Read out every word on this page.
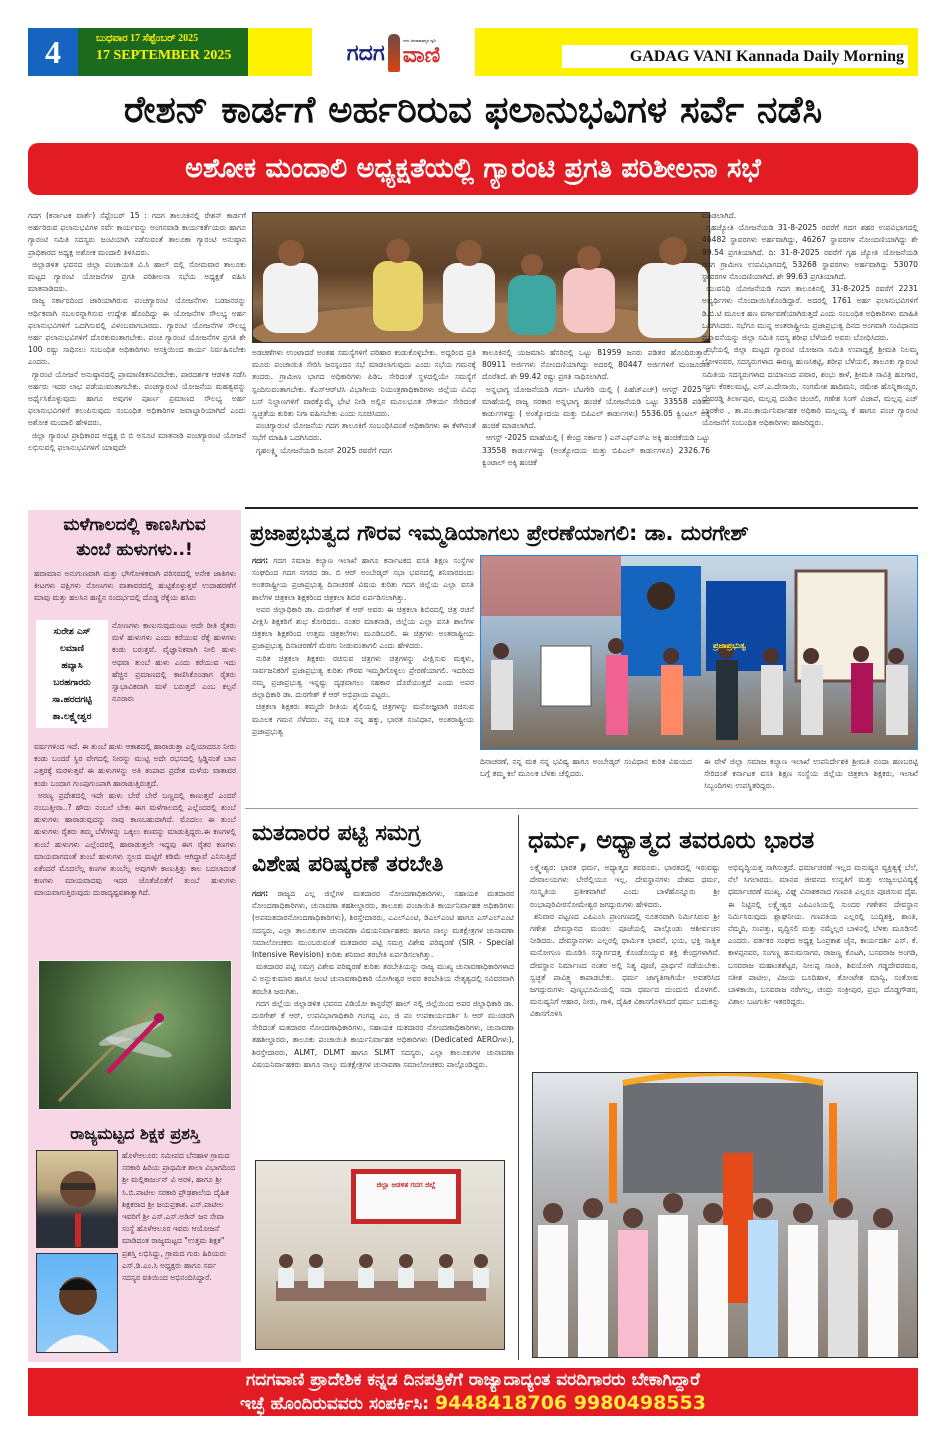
4	ಬುಧವಾರ 17 ಸೆಪ್ಟೆಂಬರ್ 2025
17 SEPTEMBER 2025	ಗದಗ	ಇದು ಜನಸಾಮಾನ್ಯರ ಧ್ವನಿ
ವಾಣಿ	GADAG VANI Kannada Daily Morning
ರೇಶನ್ ಕಾರ್ಡಗೆ ಅರ್ಹರಿರುವ ಫಲಾನುಭವಿಗಳ ಸರ್ವೆ ನಡೆಸಿ
ಅಶೋಕ ಮಂದಾಲಿ ಅಧ್ಯಕ್ಷತೆಯಲ್ಲಿ ಗ್ಯಾರಂಟಿ ಪ್ರಗತಿ ಪರಿಶೀಲನಾ ಸಭೆ

ಗದಗ (ಕರ್ನಾಟಕ ವಾರ್ತೆ) ಸೆಪ್ಟೆಂಬರ್ 15 : ಗದಗ ತಾಲೂಕಿನಲ್ಲಿ ರೇಶನ್ ಕಾರ್ಡಗೆ ಅರ್ಹರಿರುವ ಫಲಾನುಭವಿಗಳ ಸರ್ವೆ ಕಾರ್ಯವನ್ನು ಅಂಗನವಾಡಿ ಕಾರ್ಯಕರ್ತೆಯರು ಹಾಗೂ ಗ್ಯಾರಂಟಿ ಸಮಿತಿ ಸದಸ್ಯರು ಜಂಟಿಯಾಗಿ ನಡೆಸುವಂತೆ ತಾಲೂಕಾ ಗ್ಯಾರಂಟಿ ಅನುಷ್ಠಾನ ಪ್ರಾಧಿಕಾರದ ಅಧ್ಯಕ್ಷ ಅಶೋಕ ಮಂದಾಲಿ ತಿಳಿಸಿದರು.

ಜಿಲ್ಲಾಡಳಿತ ಭವನದ ಜಿಲ್ಲಾ ಪಂಚಾಯತ ವಿ.ಸಿ ಹಾಲ್ ದಲ್ಲಿ ಸೋಮವಾರ ತಾಲೂಕು ಮಟ್ಟದ ಗ್ಯಾರಂಟಿ ಯೋಜನೆಗಳ ಪ್ರಗತಿ ಪರಿಶೀಲನಾ ಸಭೆಯ ಅಧ್ಯಕ್ಷತೆ ವಹಿಸಿ ಮಾತನಾಡಿದರು.

ರಾಜ್ಯ ಸರ್ಕಾರದಿಂದ ಜಾರಿಯಾಗಿರುವ ಪಂಚಗ್ಯಾರಂಟಿ ಯೋಜನೆಗಳು ಬಡಜನರನ್ನು ಆರ್ಥಿಕವಾಗಿ ಸಬಲರನ್ನಾಗಿಸುವ ಉದ್ದೇಶ ಹೊಂದಿದ್ದು ಈ ಯೋಜನೆಗಳ ಸೌಲಭ್ಯ ಅರ್ಹ ಫಲಾನುಭವಿಗಳಿಗೆ ಒದಗಿಸುವಲ್ಲಿ ವಿಳಂಬವಾಗಬಾರದು. ಗ್ಯಾರಂಟಿ ಯೋಜನೆಗಳ ಸೌಲಭ್ಯ ಅರ್ಹ ಫಲಾನುಭವಿಗಳಿಗೆ ದೊರಕುವಂತಾಗಬೇಕು. ಪಂಚ ಗ್ಯಾರಂಟಿ ಯೋಜನೆಗಳ ಪ್ರಗತಿ ಶೇ 100 ರಷ್ಟು ಸಾಧಿಸಲು ಸಂಬಂಧಿತ ಅಧಿಕಾರಿಗಳು ಆಸಕ್ತಿಯಿಂದ ಕಾರ್ಯ ನಿರ್ವಹಿಸಬೇಕು ಎಂದರು.

ಗ್ಯಾರಂಟಿ ಯೋಜನೆ ಅನುಷ್ಠಾನದಲ್ಲಿ ಪ್ರಾಮಾಣಿಕತನವಿರಬೇಕು. ಪಾರದರ್ಶಕ ಆಡಳಿತ ನಡೆಸಿ ಅರ್ಹರು ಇದರ ಲಾಭ ಪಡೆಯುವಂತಾಗಬೇಕು. ಪಂಚಗ್ಯಾರಂಟಿ ಯೋಜನೆಯ ಮಹತ್ವವನ್ನು ಅರ್ಥೈಸಿಕೊಳ್ಳುವುದು ಹಾಗೂ ಅವುಗಳ ಪೂರ್ಣ ಪ್ರಮಾಣದ ಸೌಲಭ್ಯ ಅರ್ಹ ಫಲಾನುಭವಿಗಳಿಗೆ ತಲುಪಿಸುವುದು ಸಂಬಂಧಿತ ಅಧಿಕಾರಿಗಳ ಜವಾಬ್ದಾರಿಯಾಗಿದೆ ಎಂದು ಅಶೋಕ ಮಂದಾಲಿ ಹೇಳಿದರು.

ಜಿಲ್ಲಾ ಗ್ಯಾರಂಟಿ ಪ್ರಾಧಿಕಾರದ ಅಧ್ಯಕ್ಷ ಬಿ ಬಿ ಅಸೂಟಿ ಮಾತನಾಡಿ ಪಂಚಗ್ಯಾರಂಟಿ ಯೋಜನೆ ಲಭಿಸುವಲ್ಲಿ ಫಲಾನುಭವಿಗಳಿಗೆ ಯಾವುದೇ

ಅಡಚಣೆಗಳು ಉಂಟಾದರೆ ಅಂತಹ ಸಮಸ್ಯೆಗಳಿಗೆ ಪರಿಹಾರ ಕಂಡುಕೊಳ್ಳಬೇಕು. ಅದ್ದರಿಂದ ಪ್ರತಿ ಮೂರು ಪಂಚಾಯಿತಿ ಸೇರಿಸಿ ಜನಸ್ಪಂದನ ಸಭೆ ಮಾಡಲಾಗುವುದು ಎಂದು ಸಭೆಯ ಗಮನಕ್ಕೆ ತಂದರು. ಗ್ರಾಮೀಣ ಭಾಗದ ಅಧಿಕಾರಿಗಳು ಪಿಡಿಒ ಸೇರಿದಂತೆ ಸ್ಥಳದಲ್ಲಿಯೇ ಸಮಸ್ಯೆಗೆ ಸ್ಪಂದಿಸುವಂತಾಗಬೇಕು. ಕೆಎಸ್ಆರ್‌ಟಿಸಿ ವಿಭಾಗೀಯ ನಿಯಂತ್ರಣಾಧಿಕಾರಿಗಳು ಜಿಲ್ಲೆಯ ವಿವಿಧ ಬಸ್ ನಿಲ್ದಾಣಗಳಿಗೆ ವಾರಕ್ಕೊಮ್ಮೆ ಭೇಟಿ ನೀಡಿ ಅಲ್ಲಿನ ಮೂಲಭೂತ ಸೌಕರ್ಯ ಸೇರಿದಂತೆ ಸ್ವಚ್ಛತೆಯ ಕುರಿತು ನಿಗಾ ವಹಿಸಬೇಕು ಎಂದು ಸೂಚಿಸಿದರು.

ಪಂಚಗ್ಯಾರಂಟಿ ಯೋಜನೆಯ ಗದಗ ತಾಲೂಕಿಗೆ ಸಂಬಂಧಿಸಿದಂತೆ ಅಧಿಕಾರಿಗಳು ಈ ಕೆಳಗಿನಂತೆ ಸಭೆಗೆ ಮಾಹಿತಿ ಒದಗಿಸಿದರು.

ಗೃಹಲಕ್ಷ್ಮಿ ಯೋಜನೆಯಡಿ ಜೂನ್ 2025 ರವರೆಗೆ ಗದಗ

ತಾಲೂಕಿನಲ್ಲಿ ಯಜಮಾನಿ ಹೆಸರಿನಲ್ಲಿ ಒಟ್ಟು 81959 ಜನರು ಪಡಿತರ ಹೊಂದಿರುತ್ತಾರೆ. 80911 ಅರ್ಜಿಗಳು ನೋಂದಣಿಯಾಗಿದ್ದು ಅದರಲ್ಲಿ 80447 ಅರ್ಜಿಗಳಿಗೆ ಮಂಜೂರಾತಿ ದೊರೆತಿದೆ. ಶೇ 99.42 ರಷ್ಟು ಪ್ರಗತಿ ಸಾಧಿಸಲಾಗಿದೆ.

ಅನ್ನಭಾಗ್ಯ ಯೋಜನೆಯಡಿ ಗದಗ- ಬೆಟಗೇರಿ ಯಲ್ಲಿ ( ಪಿಹೆಚ್ಎಚ್) ಆಗಸ್ಟ್ 2025 ರ ಮಾಹೆಯಲ್ಲಿ ರಾಜ್ಯ ಸರಕಾರ ಅನ್ನಭಾಗ್ಯ ಹಂಚಿಕೆ ಯೋಜನೆಯಡಿ ಒಟ್ಟು 33558 ಪಡಿತರ ಕಾರ್ಡುಗಳಿದ್ದು ( ಅಂತ್ಯೋದಯ ಮತ್ತು ಬಿಪಿಎಲ್ ಕಾರ್ಡುಗಳು) 5536.05 ಕ್ವಿಂಟಲ್ ಅಕ್ಕಿ ಹಂಚಿಕೆ ಮಾಡಲಾಗಿದೆ.

ಆಗಸ್ಟ್ -2025 ಮಾಹೆಯಲ್ಲಿ ( ಕೇಂದ್ರ ಸರ್ಕಾರ ) ಎನ್‌ಎಫ್‌ಎಸ್‌ಎ ಅಕ್ಕಿ ಹಂಚಿಕೆಯಡಿ ಒಟ್ಟು 33558 ಕಾರ್ಡುಗಳಿದ್ದು (ಅಂತ್ಯೋದಯ ಮತ್ತು ಬಿಪಿಎಲ್ ಕಾರ್ಡುಗಳೂ) 2326.76 ಕ್ವಿಂಟಾಲ್ ಅಕ್ಕಿ ಹಂಚಿಕೆ

ಮಾಡಲಾಗಿದೆ.

ಗೃಹಜ್ಯೋತಿ ಯೋಜನೆಯಡಿ 31-8-2025 ರವರೆಗೆ ಗದಗ ಶಹರ ಉಪವಿಭಾಗದಲ್ಲಿ 46482 ಸ್ಥಾವರಗಳು ಅರ್ಹವಾಗಿದ್ದು, 46267 ಸ್ಥಾವರಗಳ ನೋಂದಣಿಯಾಗಿದ್ದು ಶೇ 99.54 ಪ್ರಗತಿಯಾಗಿದೆ. ದಿ: 31-8-2025 ರವರೆಗೆ ಗೃಹ ಜ್ಯೋತಿ ಯೋಜನೆಯಡಿ ಗದಗ ಗ್ರಾಮೀಣ ಉಪವಿಭಾಗದಲ್ಲಿ 53268 ಸ್ಥಾವರಗಳು ಅರ್ಹವಾಗಿದ್ದು 53070 ಸ್ಥಾವರಗಳ ನೊಂದಣಿಯಾಗಿದೆ. ಶೇ 99.63 ಪ್ರಗತಿಯಾಗಿದೆ.

ಯುವನಿಧಿ ಯೋಜನೆಯಡಿ ಗದಗ ತಾಲೂಕಿನಲ್ಲಿ 31-8-2025 ರವರೆಗೆ 2231 ಅಭ್ಯರ್ಥಿಗಳು ನೊಂದಾಯಿಸಿಕೊಂಡಿದ್ದಾರೆ. ಅದರಲ್ಲಿ 1761 ಅರ್ಹ ಫಲಾನುಭವಿಗಳಿಗೆ ಡಿ.ಬಿ.ಟಿ ಮೂಲಕ ಹಣ ವರ್ಗಾವಣೆಯಾಗಿರುತ್ತದೆ ಎಂದು ಸಂಬಂಧಿತ ಅಧಿಕಾರಿಗಳು ಮಾಹಿತಿ ಒದಗಿಸಿದರು. ಸಭೆಗೂ ಮುನ್ನ ಅಂತರಾಷ್ಟ್ರೀಯ ಪ್ರಜಾಪ್ರಭುತ್ವ ದಿನದ ಅಂಗವಾಗಿ ಸಂವಿಧಾನದ ಪ್ರಸ್ತಾವನೆಯನ್ನು ಜಿಲ್ಲಾ ಸಮಿತಿ ಸದಸ್ಯ ಶರೀಫ ಬೆಳೆಯಲಿ ಅವರು ಬೋಧಿಸಿದರು.

ಸಭೆಯಲ್ಲಿ ಜಿಲ್ಲಾ ಮಟ್ಟದ ಗ್ಯಾರಂಟಿ ಯೋಜನಾ ಸಮಿತಿ ಉಪಾಧ್ಯಕ್ಷೆ ಶ್ರೀಮತಿ ನಿಲಮ್ಮ ಬೋಳನವರ, ಸದಸ್ಯರುಗಳಾದ ಈರಣ್ಣ ಹುಣಸಿಕಟ್ಟಿ, ಶರೀಫ ಬೆಳೆಯಲಿ, ತಾಲೂಕು ಗ್ಯಾರಂಟಿ ಸಮಿತಿಯ ಸದಸ್ಯರುಗಳಾದ ದಯಾನಂದ ಪವಾರ, ಶಂಭು ಕಾಳೆ, ಶ್ರೀಮತಿ ಸಾವಿತ್ರಿ ಹೂಗಾರ, ಸಂಗು ಕೆರಕಲಮಟ್ಟಿ, ಎಸ್.ಎ.ದೇಸಾಯಿ, ಸಂಗಮೇಶ ಹಾದಿಮನಿ, ರಮೇಶ ಹೊನ್ನಿಕಾಯ್ದರ, ದೇವರಡ್ಡಿ ತಿರ್ಲಾಪುರ, ಮಲ್ಲಪ್ಪ ದಂಡಿನ ಚಿಂಚಲಿ, ಗಣೇಶ ಸಿಂಗ್ ವಿಜಾಪೆ, ಮಲ್ಲಪ್ಪ ಎಚ್ ಬಾರಕೇರ , ತಾ.ಪಂ.ಕಾರ್ಯನಿರ್ವಾಹಕ ಅಧಿಕಾರಿ ಮಲ್ಲಯ್ಯ ಕೆ ಹಾಗೂ ಪಂಚ ಗ್ಯಾರಂಟಿ ಯೋಜನೆಗೆ ಸಂಬಂಧಿತ ಅಧಿಕಾರಿಗಳು ಹಾಜರಿದ್ದರು.

ಮಳೆಗಾಲದಲ್ಲಿ ಕಾಣಸಿಗುವ
ತುಂಬೆ ಹುಳುಗಳು..!
ಹವಾಮಾನ ಅನುಗುಣವಾಗಿ ಮತ್ತು ಭೌಗೋಳಿಕವಾಗಿ ಪರಿಸರದಲ್ಲಿ ಅನೇಕ ಜಾತಿಗಳು ಕೀಟಗಳು ಪಕ್ಷಿಗಳು ನೋಣಗಳು ವಾತಾವರದಲ್ಲಿ ಹುಟ್ಟಿಕೊಳ್ಳುತ್ತವೆ ಉದಾಹರಣೆಗೆ ಮಾವು ಮತ್ತು ಹಲಸಿನ ಹಣ್ಣಿನ ಸಂದರ್ಭದಲ್ಲಿ ದೊಡ್ಡ ರೆಕ್ಕೆಯ ಹಸಿರು
ಸುರೇಶ ಎಸ್
ಲಮಾಣಿ
ಹವ್ಯಾಸಿ
ಬರಹಗಾರರು
ಸಾ.ಹರದಗಟ್ಟಿ
ತಾ.ಲಕ್ಷ್ಮೇಶ್ವರ
ನೋಣಗಳು ಕಾಣುಸುವುದುಂಟು ಅದೇ ರೀತಿ ರೈತರು ಮಳೆ ಹುಳುಗಳು ಎಂದು ಕರೆಯುವ ರೆಕ್ಕೆ ಹುಳಗಳು ಕಂಡು ಬರುತ್ತವೆ. ವೈಜ್ಞಾನಿಕವಾಗಿ ನೀಲಿ ಹುಳು ಅಥವಾ ತುಂಬೆ ಹುಳು ಎಂದು ಕರೆಯುವ ಇದು ಹೆಚ್ಚಿನ ಪ್ರಮಾಣದಲ್ಲಿ ಕಾಣಿಸಿಕೊಂಡಾಗ ರೈತರು ಸ್ವಾಭಾವಿಕವಾಗಿ ಮಳೆ ಬರುತ್ತದೆ ಎಂಬ ಕಲ್ಪನೆ ನೂರಾರು

ವರ್ಷಗಳಿಂದ ಇದೆ. ಈ ತುಂಬೆ ಹುಳು ಆಕಾಶದಲ್ಲಿ ಹಾರಾಡುತ್ತಾ ಎಲ್ಲಿಯಾದರೂ ನೀರು ಕಂಡು ಬಂದರೆ ಸ್ಥಿರ ವೇಗದಲ್ಲಿ ನೀರನ್ನು ಮುಟ್ಟಿ ಅದೇ ರಭಸದಲ್ಲಿ ಸ್ಪಿಡ್ಡಿನಂತೆ ಬಾನ ಎತ್ತರಕ್ಕೆ ಮರಳುತ್ತವೆ ಈ ಹುಳುಗಳನ್ನು ಅತಿ ತಂಪಾದ ಪ್ರದೇಶ ಮಳೆಯ ವಾತಾವರ ಕಂಡು ಬಂದಾಗ ಗುಂಪುಗುಂಪಾಗಿ ಹಾರಾಡುತ್ತಿರುತ್ತದೆ.

ಅರಣ್ಯ ಪ್ರದೇಶದಲ್ಲಿ ಇದೇ ಹುಳು ಬೇರೆ ಬೇರೆ ಬಣ್ಣದಲ್ಲಿ ಕಾಣುತ್ತವೆ ಎಂದರೆ ನಂಬುತ್ತೀರಾ..? ಹೌದು ನಂಬಲೆ ಬೇಕು ಈಗ ಮಳೆಗಾಲದಲ್ಲಿ ಎಲ್ಲೆಂದರಲ್ಲಿ ತುಂಬೆ ಹುಳುಗಳು ಹಾರಾಡುವುದನ್ನು ನಾವು ಕಾಣಬಹುದಾಗಿದೆ. ಮೊದಲು ಈ ತುಂಬೆ ಹುಳುಗಳು ರೈತರು ತಮ್ಮ ಬೆಳೆಗಳನ್ನು ಒಕ್ಕಲು ಕಣವನ್ನು ಮಾಡುತ್ತಿದ್ದರು.ಈ ಕಣಗಳಲ್ಲಿ ತುಂಬೆ ಹುಳುಗಳು ಎಲ್ಲೆಂದರಲ್ಲಿ ಹಾರಾಡುತ್ತಲೇ ಇದ್ದವು ಈಗ ರೈತರ ಕಣಗಳು ಮಾಯವಾಗದಂತೆ ತುಂಬೆ ಹುಳುಗಳು ಸ್ಥಲದ ಮಟ್ಟಿಗೆ ಕಡಿಮೆ ಆಗಿದ್ದಾವೆ ಎನಿಸುತ್ತಿದೆ ಏಕೆಂದರೆ ಮೊದಲೆಲ್ಲ ಕಣಗಳ ತುಂಬೆಲ್ಲ ಅವುಗಳೇ ಕಾಣುತ್ತಿತ್ತು ಕಾಲ ಬದಲಾದಂತೆ ಕಣಗಳು ಮಾಯವಾದವು ಇದರ ಜೊತೆಜೊತೆಗೆ ತುಂಬೆ ಹುಳುಗಳು ಮಾಯವಾಗುತ್ತಿರುವುದು ದುರಾದೃಷ್ಟವಶಾತ್ವಾಗಿದೆ.

ರಾಜ್ಯಮಟ್ಟದ ಶಿಕ್ಷಕ ಪ್ರಶಸ್ತಿ
ಹೊಳೆಆಲೂರ: ಸಮೀಪದ ಬೆನಹಾಳ ಗ್ರಾಮದ ಸರಕಾರಿ ಹಿರಿಯ ಪ್ರಾಥಮಿಕ ಶಾಲಾ ವಿಭಾಗದಿಂದ ಶ್ರೀ ಮಲ್ಲಿಕಾರ್ಜುನ್ ವಿ ಅರಳಿ, ಹಾಗೂ ಶ್ರೀ ಸಿ.ಬಿ.ಪಾಟೀಲ ಸರಕಾರಿ ಪ್ರೌಢಶಾಲೆಯ ದೈಹಿಕ ಶಿಕ್ಷಕರಾದ ಶ್ರೀ ಜಯಪ್ರಕಾಶ. ಎಸ್.ಪಾಟೀಲ ಇವರಿಗೆ ಶ್ರೀ ಎಸ್.ಎಸ್.ಅಡಿನ್ ಜನ ಸೇವಾ ಸಂಸ್ಥೆ ಹೊಳೆಆಲೂರ ಇವರು ಆಯೋಜನೆ ಮಾಡಿದಂತ ರಾಜ್ಯಮಟ್ಟದ "ಉತ್ತಮ ಶಿಕ್ಷಕ" ಪ್ರಶಸ್ತಿ ಲಭಿಸಿದ್ದು, ಗ್ರಾಮದ ಗುರು ಹಿರಿಯರು ಎಸ್.ಡಿ.ಎಂ.ಸಿ ಅಧ್ಯಕ್ಷರು ಹಾಗೂ ಸರ್ವ ಸದಸ್ಯರ ವತಿಯಿಂದ ಅಭಿನಂದಿಸಿದ್ದಾರೆ.
ಪ್ರಜಾಪ್ರಭುತ್ವದ ಗೌರವ ಇಮ್ಮಡಿಯಾಗಲು ಪ್ರೇರಣೆಯಾಗಲಿ: ಡಾ. ದುರಗೇಶ್

ಗದಗ: ಗದಗ ಸಮಾಜ ಕಲ್ಯಾಣ ಇಲಾಖೆ ಹಾಗೂ ಕರ್ನಾಟಕದ ವಸತಿ ಶಿಕ್ಷಣ ಸಂಸ್ಥೆಗಳ ಸಂಘದಿಂದ ಗದಗ ನಗರದ ಡಾ. ಬಿ ಆರ್ ಅಂಬೇಡ್ಕರ್ ಸಭಾ ಭವನದಲ್ಲಿ ಶನಿವಾರದಂದು ಅಂತರಾಷ್ಟ್ರೀಯ ಪ್ರಜಾಪ್ರಭುತ್ವ ದಿನಾಚರಣೆ ವಿಷಯ ಕುರಿತು ಗದಗ ಜಿಲ್ಲೆಯ ಎಲ್ಲಾ ವಸತಿ ಶಾಲೆಗಳ ಚಿತ್ರಕಲಾ ಶಿಕ್ಷಕರಿಂದ ಚಿತ್ರಕಲಾ ಶಿಬಿರ ಏರ್ಪಡಿಸಲಾಗಿತ್ತು.

ಅಪರ ಜಿಲ್ಲಾಧಿಕಾರಿ ಡಾ. ದುರಗೇಶ್ ಕೆ ಆರ್ ಅವರು ಈ ಚಿತ್ರಕಲಾ ಶಿಬಿರದಲ್ಲಿ ಚಿತ್ರ ರಚನೆ ವೀಕ್ಷಿಸಿ ಶಿಕ್ಷಕರಿಗೆ ಶುಭ ಕೋರಿದರು. ನಂತರ ಮಾತನಾಡಿ, ಜಿಲ್ಲೆಯ ಎಲ್ಲಾ ವಸತಿ ಶಾಲೆಗಳ ಚಿತ್ರಕಲಾ ಶಿಕ್ಷಕರಿಂದ ಉತ್ತಮ ಚಿತ್ರಕಲೆಗಳು ಮೂಡಿಬರಲಿ. ಈ ಚಿತ್ರಗಳು ಅಂತರಾಷ್ಟ್ರೀಯ ಪ್ರಜಾಪ್ರಭುತ್ವ ದಿನಾಚರಣೆಗೆ ಮೆರಗು ನೀಡುವಂತಾಗಲಿ ಎಂದು ಹೇಳಿದರು.

ನುರಿತ ಚಿತ್ರಕಲಾ ಶಿಕ್ಷಕರು ರಚಿಸುವ ಚಿತ್ರಗಳು ಚಿತ್ರಗಳನ್ನು ವೀಕ್ಷಿಸುವ ಮಕ್ಕಳು, ಸಾರ್ವಜನಿಕರಿಗೆ ಪ್ರಜಾಪ್ರಭುತ್ವ ಕುರಿತು ಗೌರವ ಇಮ್ಮಡಿಗೊಳ್ಳಲು ಪ್ರೇರಣೆಯಾಗಲಿ. ಇದರಿಂದ ನಮ್ಮ ಪ್ರಜಾಪ್ರಭುತ್ವ ಇನ್ನಷ್ಟು ದೃಢವಾಗಲು ಸಹಕಾರ ದೊರೆಯುತ್ತದೆ ಎಂದು ಅಪರ ಜಿಲ್ಲಾಧಿಕಾರಿ ಡಾ. ದುರಗೇಶ್ ಕೆ ಆರ್ ಅಭಿಪ್ರಾಯ ಪಟ್ಟರು.

ಚಿತ್ರಕಲಾ ಶಿಕ್ಷಕರು ತಮ್ಮದೇ ರೀತಿಯ ಶೈಲಿಯಲ್ಲಿ ಚಿತ್ರಗಳನ್ನು ಮನೋಜ್ಞವಾಗಿ ರಚಿಸುವ ಮೂಲಕ ಗಮನ ಸೆಳೆದರು. ನನ್ನ ಮತ ನನ್ನ ಹಕ್ಕು, ಭಾರತ ಸಂವಿಧಾನ, ಅಂತರಾಷ್ಟ್ರೀಯ ಪ್ರಜಾಪ್ರಭುತ್ವ

ಪ್ರಜಾಪ್ರಭುತ್ವ
ದಿನಾಚರಣೆ, ನನ್ನ ಮತ ನನ್ನ ಭವಿಷ್ಯ ಹಾಗೂ ಅಂಬೇಡ್ಕರ್ ಸಂವಿಧಾನ ಕುರಿತ ವಿಷಯದ ಬಗ್ಗೆ ತಮ್ಮ ಕಲೆ ಮೂಲಕ ಬೆಳಕು ಚೆಲ್ಲಿದರು.
ಈ ವೇಳೆ ಜಿಲ್ಲಾ ಸಮಾಜ ಕಲ್ಯಾಣ ಇಲಾಖೆ ಉಪನಿರ್ದೇಶಕಿ ಶ್ರೀಮತಿ ನಂದಾ ಹಣಬರಟ್ಟಿ ಸೇರಿದಂತೆ ಕರ್ನಾಟಕ ವಸತಿ ಶಿಕ್ಷಣ ಸಂಸ್ಥೆಯ ಜಿಲ್ಲೆಯ ಚಿತ್ರಕಲಾ ಶಿಕ್ಷಕರು, ಇಲಾಖೆ ಸಿಬ್ಬಂದಿಗಳು ಉಪಸ್ಥಿತರಿದ್ದರು.
ಮತದಾರರ ಪಟ್ಟಿ ಸಮಗ್ರ
ವಿಶೇಷ ಪರಿಷ್ಕರಣೆ ತರಬೇತಿ

ಗದಗ: ರಾಜ್ಯದ ಎಲ್ಲ ಜಿಲ್ಲೆಗಳ ಮತದಾರರ ನೋಂದಣಾಧಿಕಾರಿಗಳು, ಸಹಾಯಕ ಮತದಾರರ ನೋಂದಣಾಧಿಕಾರಿಗಳು, ಚುನಾವಣಾ ತಹಶೀಲ್ದಾರರು, ತಾಲೂಕು ಪಂಚಾಯಿತಿ ಕಾರ್ಯನಿರ್ವಾಹಕ ಅಧಿಕಾರಿಗಳು (ಅಪಮತದಾರನೋಂದಣಾಧಿಕಾರಿಗಳು), ಶಿರಸ್ತೇದಾರರು, ಎಎಲ್‌ಎಂಟಿ, ಡಿಎಲ್‌ಎಂಟಿ ಹಾಗೂ ಎಸ್‌ಎಲ್‌ಎಂಟಿ ಸದಸ್ಯರು, ಎಲ್ಲಾ ತಾಲೂಕುಗಳ ಚುನಾವಣಾ ವಿಷಯನಿರ್ವಾಹಕರು ಹಾಗೂ ನಾಲ್ಕು ಮತಕ್ಷೇತ್ರಗಳ ಚುನಾವಣಾ ಸಮಾಲೋಚಕರು ಮುಂಬರುವಂತೆ ಮತದಾರರ ಪಟ್ಟಿ ಸಮಗ್ರ ವಿಶೇಷ ಪರಿಷ್ಕರಣೆ (SIR - Special Intensive Revision) ಕುರಿತು ಶನಿವಾರ ತರಬೇತಿ ಏರ್ಪಡಿಸಲಾಗಿತ್ತು.

ಮತದಾರರ ಪಟ್ಟಿ ಸಮಗ್ರ ವಿಶೇಷ ಪರಿಷ್ಕರಣೆ ಕುರಿತು ತರಬೇತಿಯನ್ನು ರಾಜ್ಯ ಮುಖ್ಯ ಚುನಾವಣಾಧಿಕಾರಿಗಳಾದ ವಿ ಅನ್ಬುಕುಮಾರ ಹಾಗೂ ಜಂಟಿ ಚುನಾವಣಾಧಿಕಾರಿ ಯೋಗೀಶ್ವರ ಅವರ ತರಬೇತಿಯ ನೇತೃತ್ವದಲ್ಲಿ ಸವಿವರವಾಗಿ ತರಬೇತಿ ಜರುಗಿತು.

ಗದಗ ಜಿಲ್ಲೆಯ ಜಿಲ್ಲಾಡಳಿತ ಭವನದ ವಿಡಿಯೋ ಕಾನ್ಫರೆನ್ಸ್ ಹಾಲ್ ನಲ್ಲಿ ಜಿಲ್ಲೆಯಿಂದ ಅಪರ ಜಿಲ್ಲಾಧಿಕಾರಿ ಡಾ. ದುರಗೇಶ್ ಕೆ ಆರ್, ಉಪವಿಭಾಗಾಧಿಕಾರಿ ಗಂಗಪ್ಪ ಎಂ, ಜಿ ಪಂ ಉಪಕಾರ್ಯದರ್ಶಿ ಸಿ ಆರ್ ಮುಂಡರಗಿ ಸೇರಿದಂತೆ ಮತದಾರರ ನೋಂದಣಾಧಿಕಾರಿಗಳು, ಸಹಾಯಕ ಮತದಾರರ ನೋಂದಣಾಧಿಕಾರಿಗಳು, ಚುನಾವಣಾ ತಹಶೀಲ್ದಾರರು, ತಾಲೂಕು ಪಂಚಾಯಿತಿ ಕಾರ್ಯನಿರ್ವಾಹಕ ಅಧಿಕಾರಿಗಳು (Dedicated AEROಗಳು), ಶಿರಸ್ತೇದಾರರು, ALMT, DLMT ಹಾಗೂ SLMT ಸದಸ್ಯರು, ಎಲ್ಲಾ ತಾಲೂಕುಗಳ ಚುನಾವಣಾ ವಿಷಯನಿರ್ವಾಹಕರು ಹಾಗೂ ನಾಲ್ಕು ಮತಕ್ಷೇತ್ರಗಳ ಚುನಾವಣಾ ಸಮಾಲೋಚಕರು ಪಾಲ್ಗೊಂಡಿದ್ದರು.

ಜಿಲ್ಲಾ ಆಡಳಿತ ಗದಗ ಜಿಲ್ಲೆ
ಧರ್ಮ, ಅಧ್ಯಾತ್ಮದ ತವರೂರು ಭಾರತ

ಲಕ್ಷ್ಮೇಶ್ವರ: ಭಾರತ ಧರ್ಮ, ಅಧ್ಯಾತ್ಮದ ತವರೂರು. ಭಾರತದಲ್ಲಿ ಇರುವಷ್ಟು ದೇವಾಲಯಗಳು ಬೇರೆಲ್ಲಿಯೂ ಇಲ್ಲ. ದೇವಸ್ಥಾನಗಳು ದೇಶದ ಧರ್ಮ, ಸಂಸ್ಕೃತಿಯ ಪ್ರತೀಕವಾಗಿವೆ ಎಂದು ಬಾಳೆಹೊನ್ನೂರು ಶ್ರೀ ರಂಭಾಪುರಿವೀರಸೋಮೇಶ್ವರ ಜಗದ್ಗುರುಗಳು ಹೇಳಿದರು.

ಶನಿವಾರ ಪಟ್ಟಣದ ಎಪಿಎಂಸಿ ಪ್ರಾಂಗಣದಲ್ಲಿ ನೂತನವಾಗಿ ನಿರ್ಮಿಸಿರುವ ಶ್ರೀ ಗಣೇಶ ದೇವಸ್ಥಾನದ ಮಂಡಲ ಪೂಜೆಯಲ್ಲಿ ಪಾಲ್ಗೊಂಡು ಆಶೀರ್ವಚನ ನೀಡಿದರು. ದೇವಸ್ಥಾನಗಳು ಎಲ್ಲರಲ್ಲಿ ಧಾರ್ಮಿಕ ಭಾವನೆ, ಭಯ, ಭಕ್ತಿ ಸಾತ್ವಿಕ ಮನೋಗುಣ ಮೂಡಿಸಿ ಸನ್ಮಾರ್ಗದತ್ತ ಕೊಂಡೊಯ್ಯುವ ಶಕ್ತಿ ಕೇಂದ್ರಗಳಾಗಿವೆ. ದೇವಸ್ಥಾನ ನಿರ್ಮಾಣದ ನಂತರ ಅಲ್ಲಿ ನಿತ್ಯ ಪೂಜೆ, ಪ್ರಾರ್ಥನೆ ನಡೆಯಬೇಕು. ಸ್ವಚ್ಛತೆ ಪಾವಿತ್ರ್ಯ ಕಾಪಾಡಬೇಕು. ಧರ್ಮ ಜಾಗೃತಿಗಾಗಿಯೇ ಅವತರಿಸಿದ ಜಗದ್ಗುರುಗಳು ಪುಣ್ಯಭೂಮಿಯಲ್ಲಿ ಸದಾ ಧರ್ಮದ ದುಂದುಬಿ ಮೊಳಗಲಿ. ಮನುಷ್ಯನಿಗೆ ಆಹಾರ, ನೀರು, ಗಾಳಿ, ದೈಹಿಕ ವಿಕಾಸಗೊಳಿಸಿದರೆ ಧರ್ಮ ಬದುಕನ್ನು ವಿಕಾಸಗೊಳಿಸಿ

ಅಭಿವೃದ್ಧಿಯತ್ತ ಸಾಗಿಸುತ್ತದೆ. ಧರ್ಮಾಚರಣೆ ಇಲ್ಲದ ಮನುಷ್ಯನ ವ್ಯಕ್ತಿತ್ವಕ್ಕೆ ಬೆಲೆ, ನೆಲೆ ಸಿಗಲಾರದು. ಮಾನವ ಜೀವನದ ಉನ್ನತಿಗೆ ಮತ್ತು ಉಜ್ವಲಭವಿಷ್ಯಕ್ಕೆ ಧರ್ಮಾಚರಣೆ ಮುಖ್ಯ. ವಿಘ್ನ ವಿನಾಶಕನಾದ ಗಣಪತಿ ಎಲ್ಲರೂ ಪೂಜಿಸುವ ದೈವ. ಈ ನಿಟ್ಟಿನಲ್ಲಿ ಲಕ್ಷ್ಮೇಶ್ವರ ಎಪಿಎಂಸಿಯಲ್ಲಿ ಸುಂದರ ಗಣೇಶನ ದೇವಸ್ಥಾನ ನಿರ್ಮಿಸಿರುವುದು ಶ್ಲಾಘನೀಯ. ಗಣಪತಿಯ ಎಲ್ಲರಲ್ಲಿ ಬುದ್ಧಿಶಕ್ತಿ, ಶಾಂತಿ, ನೆಮ್ಮದಿ, ಸಂಪತ್ತು, ವೃದ್ಧಿಸಲಿ ಮತ್ತು ನಮ್ಮೆಲ್ಲರ ಬಾಳಿನಲ್ಲಿ ಬೆಳಕು ಮೂಡಿಸಲಿ ಎಂದರು. ವರ್ತಕರ ಸಂಘದ ಅಧ್ಯಕ್ಷ ಓಂಪ್ರಕಾಶ ಜೈನ, ಕಾರ್ಯದರ್ಶಿ ಎಸ್. ಕೆ. ಕಾಳಪ್ಪನವರ, ಸಂಗಣ್ಣ ಹನುಮಸಾಗರ, ರಾಜಣ್ಣ ಕೊಟಗಿ, ಬಸವರಾಜ ಅಂಗಡಿ, ಬಸವರಾಜ ಮಹಾಂತಶೆಟ್ಟರ, ನೀಲಪ್ಪ ಸಾಂತಿ, ಶಿವಯೋಗಿ ಗಡ್ಡದೇವರಮಠ, ಸತೀಶ ಪಾಟೀಲ, ವಿಜಯ ಬೂದಿಹಾಳ, ತೋಂಟೇಶ ಮಾನ್ವಿ, ಸಂತೋಷ ಬಾಳಿಕಾಯಿ, ಬಸವರಾಜ ನರೇಗಲ್ಲ, ಚಂದ್ರು ಸಂಕ್ರೀಪುರ, ಪ್ರಭು ದೊಡ್ಡಗೌಡರ, ವಿಶಾಲ ಬಟಗುರ್ಕಿ ಇತರರಿದ್ದರು.
ಗದಗವಾಣಿ ಪ್ರಾದೇಶಿಕ ಕನ್ನಡ ದಿನಪತ್ರಿಕೆಗೆ ರಾಜ್ಯಾದಾದ್ಯಂತ ವರದಿಗಾರರು ಬೇಕಾಗಿದ್ದಾರೆ
ಇಚ್ಛೆ ಹೊಂದಿರುವವರು ಸಂಪರ್ಕಿಸಿ: 9448418706 9980498553
